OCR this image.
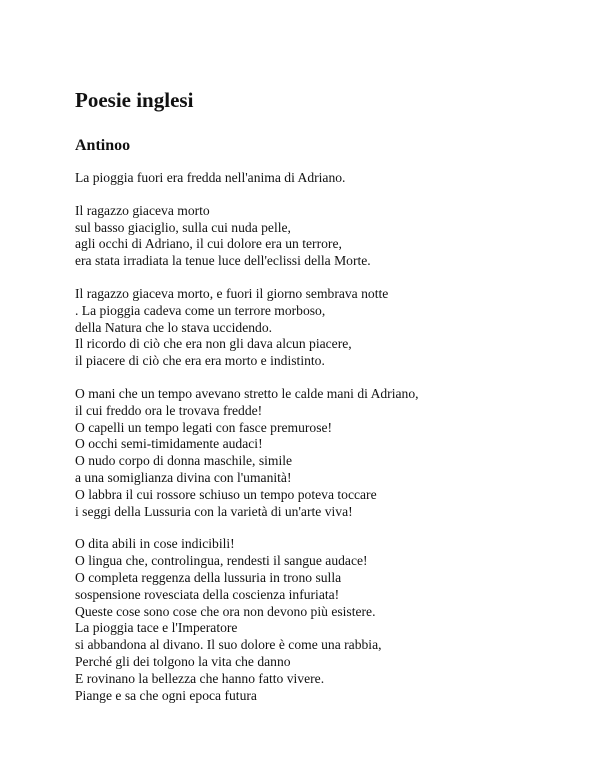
Poesie inglesi
Antinoo
La pioggia fuori era fredda nell'anima di Adriano.
Il ragazzo giaceva morto
sul basso giaciglio, sulla cui nuda pelle,
agli occhi di Adriano, il cui dolore era un terrore,
era stata irradiata la tenue luce dell'eclissi della Morte.
Il ragazzo giaceva morto, e fuori il giorno sembrava notte
. La pioggia cadeva come un terrore morboso,
della Natura che lo stava uccidendo.
Il ricordo di ciò che era non gli dava alcun piacere,
il piacere di ciò che era era morto e indistinto.
O mani che un tempo avevano stretto le calde mani di Adriano,
il cui freddo ora le trovava fredde!
O capelli un tempo legati con fasce premurose!
O occhi semi-timidamente audaci!
O nudo corpo di donna maschile, simile
a una somiglianza divina con l'umanità!
O labbra il cui rossore schiuso un tempo poteva toccare
i seggi della Lussuria con la varietà di un'arte viva!
O dita abili in cose indicibili!
O lingua che, controlingua, rendesti il sangue audace!
O completa reggenza della lussuria in trono sulla
sospensione rovesciata della coscienza infuriata!
Queste cose sono cose che ora non devono più esistere.
La pioggia tace e l'Imperatore
si abbandona al divano. Il suo dolore è come una rabbia,
Perché gli dei tolgono la vita che danno
E rovinano la bellezza che hanno fatto vivere.
Piange e sa che ogni epoca futura
